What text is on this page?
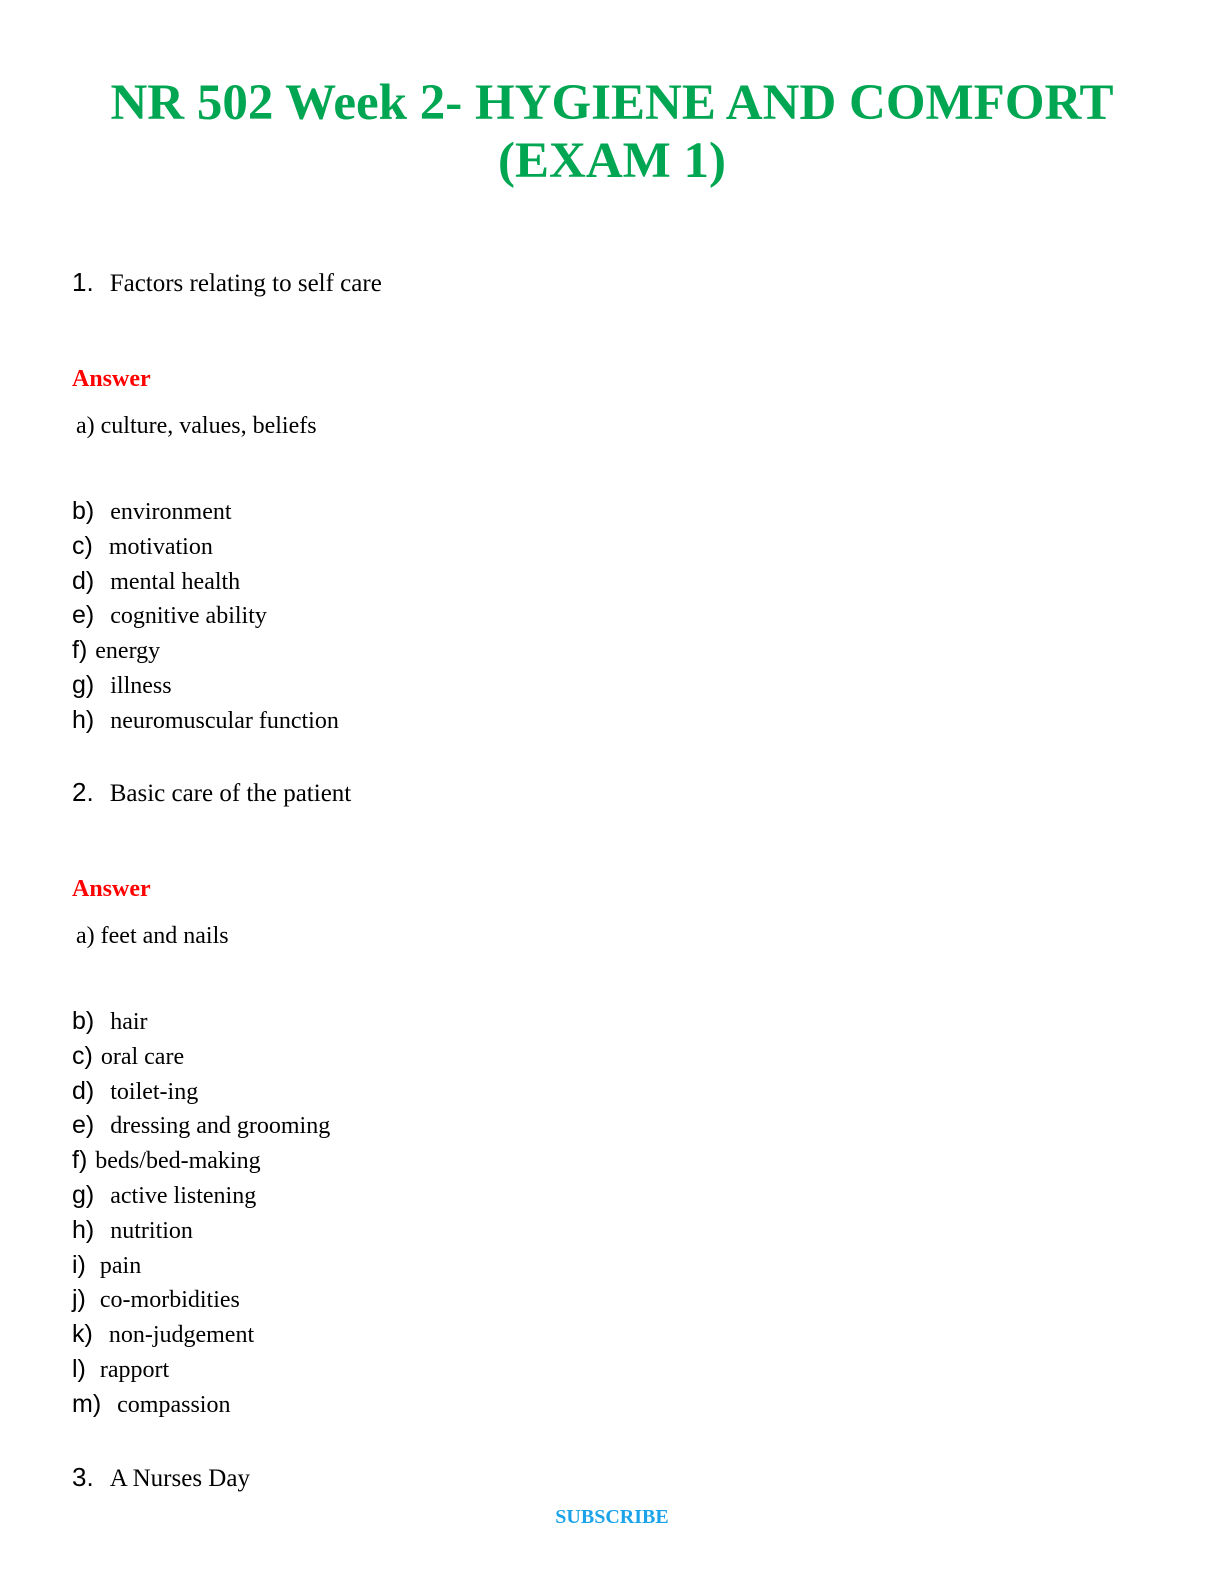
NR 502 Week 2- HYGIENE AND COMFORT
(EXAM 1)
1. Factors relating to self care
Answer
a) culture, values, beliefs
b) environment
c) motivation
d) mental health
e) cognitive ability
f) energy
g) illness
h) neuromuscular function
2. Basic care of the patient
Answer
a) feet and nails
b) hair
c) oral care
d) toilet-ing
e) dressing and grooming
f) beds/bed-making
g) active listening
h) nutrition
i) pain
j) co-morbidities
k) non-judgement
l) rapport
m) compassion
3. A Nurses Day
SUBSCRIBE
